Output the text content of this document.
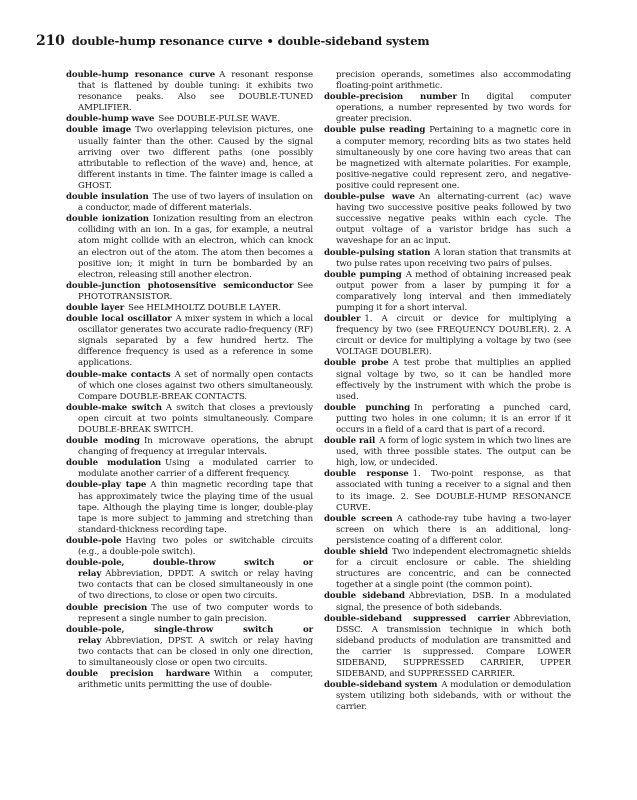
210 double-hump resonance curve • double-sideband system

double-hump resonance curve A resonant response that is flattened by double tuning: it exhibits two resonance peaks. Also see DOUBLE-TUNED AMPLIFIER.

double-hump wave See DOUBLE-PULSE WAVE.

double image Two overlapping television pictures, one usually fainter than the other. Caused by the signal arriving over two different paths (one possibly attributable to reflection of the wave) and, hence, at different instants in time. The fainter image is called a GHOST.

double insulation The use of two layers of insulation on a conductor, made of different materials.

double ionization Ionization resulting from an electron colliding with an ion. In a gas, for example, a neutral atom might collide with an electron, which can knock an electron out of the atom. The atom then becomes a positive ion; it might in turn be bombarded by an electron, releasing still another electron.

double-junction photosensitive semiconductor See PHOTOTRANSISTOR.

double layer See HELMHOLTZ DOUBLE LAYER.

double local oscillator A mixer system in which a local oscillator generates two accurate radio-frequency (RF) signals separated by a few hundred hertz. The difference frequency is used as a reference in some applications.

double-make contacts A set of normally open contacts of which one closes against two others simultaneously. Compare DOUBLE-BREAK CONTACTS.

double-make switch A switch that closes a previously open circuit at two points simultaneously. Compare DOUBLE-BREAK SWITCH.

double moding In microwave operations, the abrupt changing of frequency at irregular intervals.

double modulation Using a modulated carrier to modulate another carrier of a different frequency.

double-play tape A thin magnetic recording tape that has approximately twice the playing time of the usual tape. Although the playing time is longer, double-play tape is more subject to jamming and stretching than standard-thickness recording tape.

double-pole Having two poles or switchable circuits (e.g., a double-pole switch).

double-pole, double-throw switch or relay Abbreviation, DPDT. A switch or relay having two contacts that can be closed simultaneously in one of two directions, to close or open two circuits.

double precision The use of two computer words to represent a single number to gain precision.

double-pole, single-throw switch or relay Abbreviation, DPST. A switch or relay having two contacts that can be closed in only one direction, to simultaneously close or open two circuits.

double precision hardware Within a computer, arithmetic units permitting the use of double-

precision operands, sometimes also accommodating floating-point arithmetic.

double-precision number In digital computer operations, a number represented by two words for greater precision.

double pulse reading Pertaining to a magnetic core in a computer memory, recording bits as two states held simultaneously by one core having two areas that can be magnetized with alternate polarities. For example, positive-negative could represent zero, and negative-positive could represent one.

double-pulse wave An alternating-current (ac) wave having two successive positive peaks followed by two successive negative peaks within each cycle. The output voltage of a varistor bridge has such a waveshape for an ac input.

double-pulsing station A loran station that transmits at two pulse rates upon receiving two pairs of pulses.

double pumping A method of obtaining increased peak output power from a laser by pumping it for a comparatively long interval and then immediately pumping it for a short interval.

doubler 1. A circuit or device for multiplying a frequency by two (see FREQUENCY DOUBLER). 2. A circuit or device for multiplying a voltage by two (see VOLTAGE DOUBLER).

double probe A test probe that multiplies an applied signal voltage by two, so it can be handled more effectively by the instrument with which the probe is used.

double punching In perforating a punched card, putting two holes in one column; it is an error if it occurs in a field of a card that is part of a record.

double rail A form of logic system in which two lines are used, with three possible states. The output can be high, low, or undecided.

double response 1. Two-point response, as that associated with tuning a receiver to a signal and then to its image. 2. See DOUBLE-HUMP RESONANCE CURVE.

double screen A cathode-ray tube having a two-layer screen on which there is an additional, long-persistence coating of a different color.

double shield Two independent electromagnetic shields for a circuit enclosure or cable. The shielding structures are concentric, and can be connected together at a single point (the common point).

double sideband Abbreviation, DSB. In a modulated signal, the presence of both sidebands.

double-sideband suppressed carrier Abbreviation, DSSC. A transmission technique in which both sideband products of modulation are transmitted and the carrier is suppressed. Compare LOWER SIDEBAND, SUPPRESSED CARRIER, UPPER SIDEBAND, and SUPPRESSED CARRIER.

double-sideband system A modulation or demodulation system utilizing both sidebands, with or without the carrier.
